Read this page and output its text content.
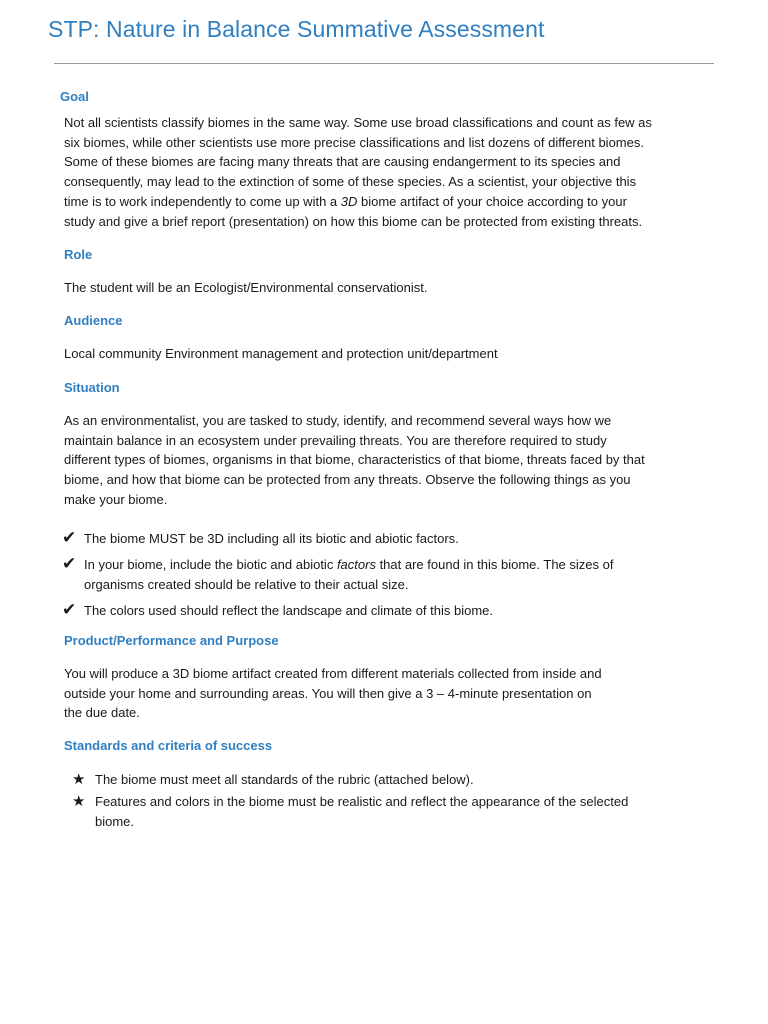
STP: Nature in Balance Summative Assessment
Goal

Not all scientists classify biomes in the same way. Some use broad classifications and count as few as
six biomes, while other scientists use more precise classifications and list dozens of different biomes.
Some of these biomes are facing many threats that are causing endangerment to its species and
consequently, may lead to the extinction of some of these species. As a scientist, your objective this
time is to work independently to come up with a 3D biome artifact of your choice according to your
study and give a brief report (presentation) on how this biome can be protected from existing threats.

Role

The student will be an Ecologist/Environmental conservationist.

Audience

Local community Environment management and protection unit/department

Situation

As an environmentalist, you are tasked to study, identify, and recommend several ways how we
maintain balance in an ecosystem under prevailing threats. You are therefore required to study
different types of biomes, organisms in that biome, characteristics of that biome, threats faced by that
biome, and how that biome can be protected from any threats. Observe the following things as you
make your biome.

✔ The biome MUST be 3D including all its biotic and abiotic factors.
✔ In your biome, include the biotic and abiotic factors that are found in this biome. The sizes of
organisms created should be relative to their actual size.
✔ The colors used should reflect the landscape and climate of this biome.
Product/Performance and Purpose

You will produce a 3D biome artifact created from different materials collected from inside and
outside your home and surrounding areas. You will then give a 3 – 4-minute presentation on
the due date.

Standards and criteria of success
★ The biome must meet all standards of the rubric (attached below).
★ Features and colors in the biome must be realistic and reflect the appearance of the selected
biome.
